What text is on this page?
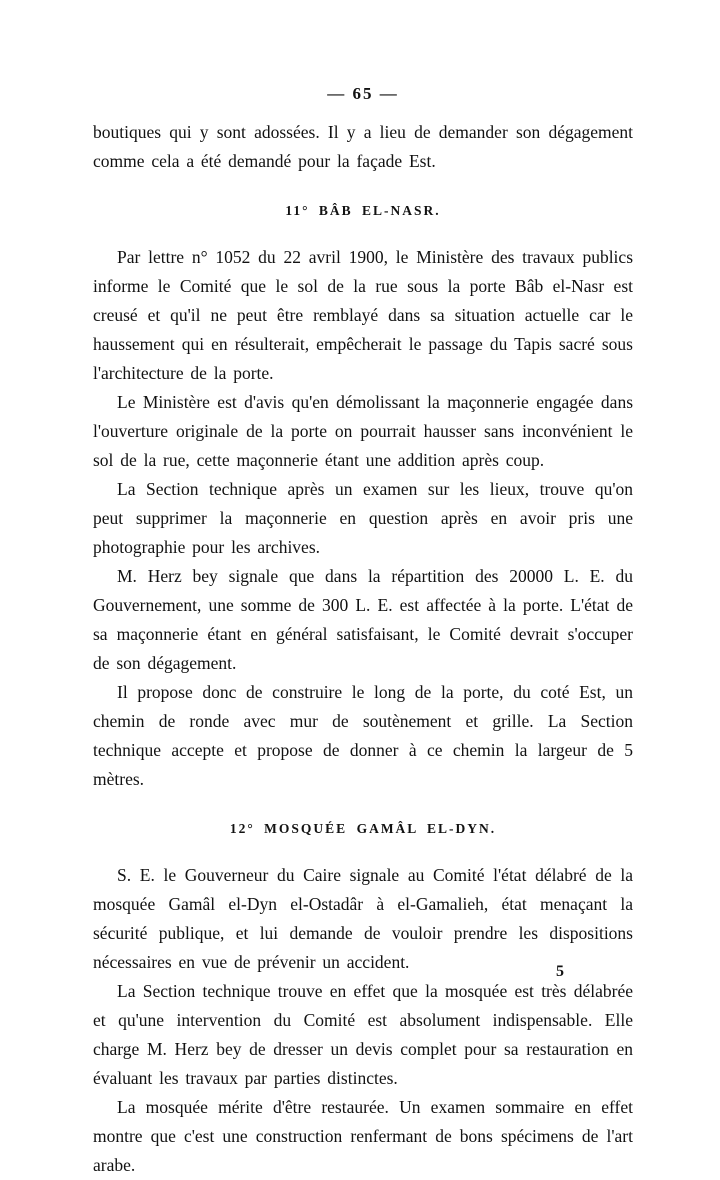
— 65 —

boutiques qui y sont adossées. Il y a lieu de demander son dégagement comme cela a été demandé pour la façade Est.

11° BÂB EL-NASR.

Par lettre n° 1052 du 22 avril 1900, le Ministère des travaux publics informe le Comité que le sol de la rue sous la porte Bâb el-Nasr est creusé et qu'il ne peut être remblayé dans sa situation actuelle car le haussement qui en résulterait, empêcherait le passage du Tapis sacré sous l'architecture de la porte.

Le Ministère est d'avis qu'en démolissant la maçonnerie engagée dans l'ouverture originale de la porte on pourrait hausser sans inconvénient le sol de la rue, cette maçonnerie étant une addition après coup.

La Section technique après un examen sur les lieux, trouve qu'on peut supprimer la maçonnerie en question après en avoir pris une photographie pour les archives.

M. Herz bey signale que dans la répartition des 20000 L. E. du Gouvernement, une somme de 300 L. E. est affectée à la porte. L'état de sa maçonnerie étant en général satisfaisant, le Comité devrait s'occuper de son dégagement.

Il propose donc de construire le long de la porte, du coté Est, un chemin de ronde avec mur de soutènement et grille. La Section technique accepte et propose de donner à ce chemin la largeur de 5 mètres.

12° MOSQUÉE GAMÂL EL-DYN.

S. E. le Gouverneur du Caire signale au Comité l'état délabré de la mosquée Gamâl el-Dyn el-Ostadâr à el-Gamalieh, état menaçant la sécurité publique, et lui demande de vouloir prendre les dispositions nécessaires en vue de prévenir un accident.

La Section technique trouve en effet que la mosquée est très délabrée et qu'une intervention du Comité est absolument indispensable. Elle charge M. Herz bey de dresser un devis complet pour sa restauration en évaluant les travaux par parties distinctes.

La mosquée mérite d'être restaurée. Un examen sommaire en effet montre que c'est une construction renfermant de bons spécimens de l'art arabe.

5
